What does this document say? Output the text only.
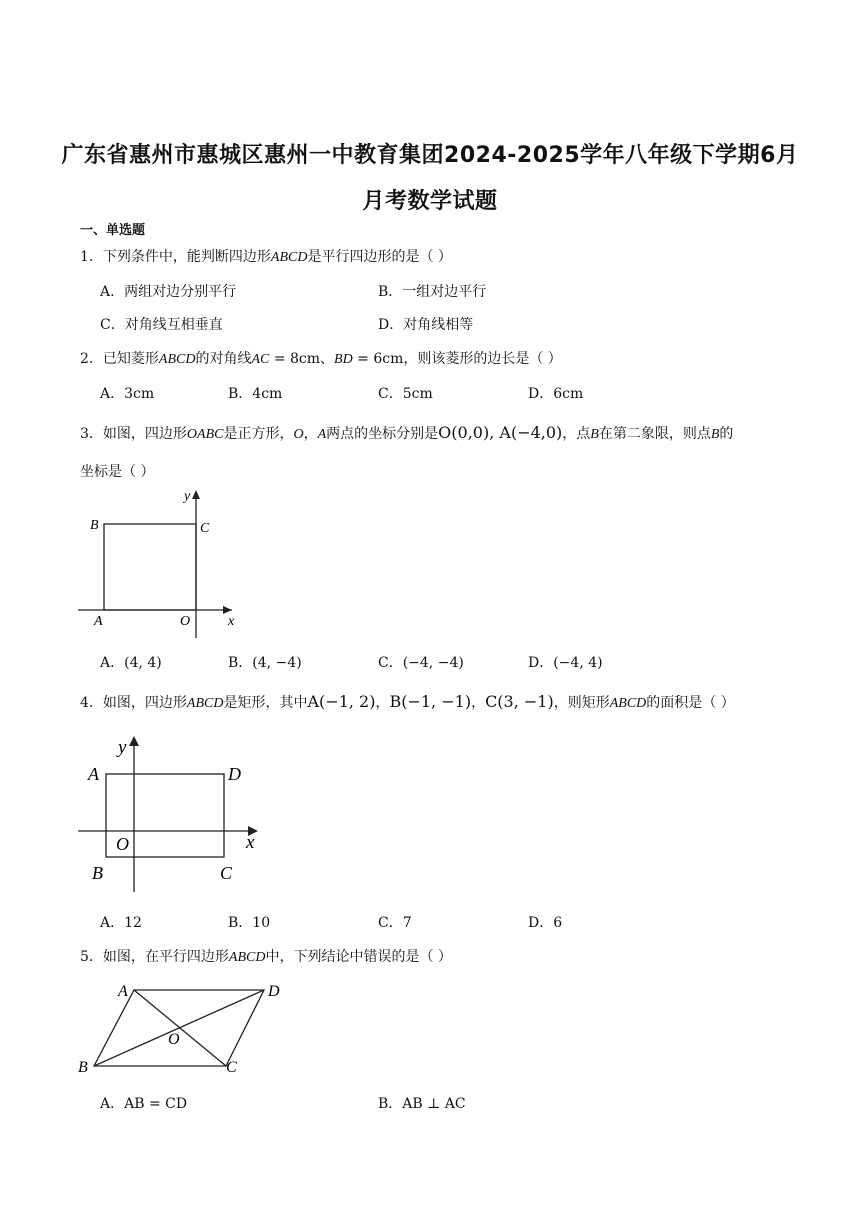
广东省惠州市惠城区惠州一中教育集团2024-2025学年八年级下学期6月
月考数学试题
一、单选题
1．下列条件中，能判断四边形ABCD是平行四边形的是（ ）
A．两组对边分别平行	B．一组对边平行
C．对角线互相垂直	D．对角线相等
2．已知菱形ABCD的对角线AC = 8cm、BD = 6cm，则该菱形的边长是（ ）
A．3cm	B．4cm	C．5cm	D．6cm
3．如图，四边形OABC是正方形，O，A两点的坐标分别是O(0,0), A(−4,0)，点B在第二象限，则点B的
坐标是（ ）
y
x
B	C
A	O
A．(4, 4)	B．(4, −4)	C．(−4, −4)	D．(−4, 4)
4．如图，四边形ABCD是矩形，其中A(−1, 2)，B(−1, −1)，C(3, −1)，则矩形ABCD的面积是（ ）
y
x
A	D
O
B	C
A．12	B．10	C．7	D．6
5．如图，在平行四边形ABCD中，下列结论中错误的是（ ）
A	D
O
B	C
A．AB = CD	B．AB ⊥ AC
